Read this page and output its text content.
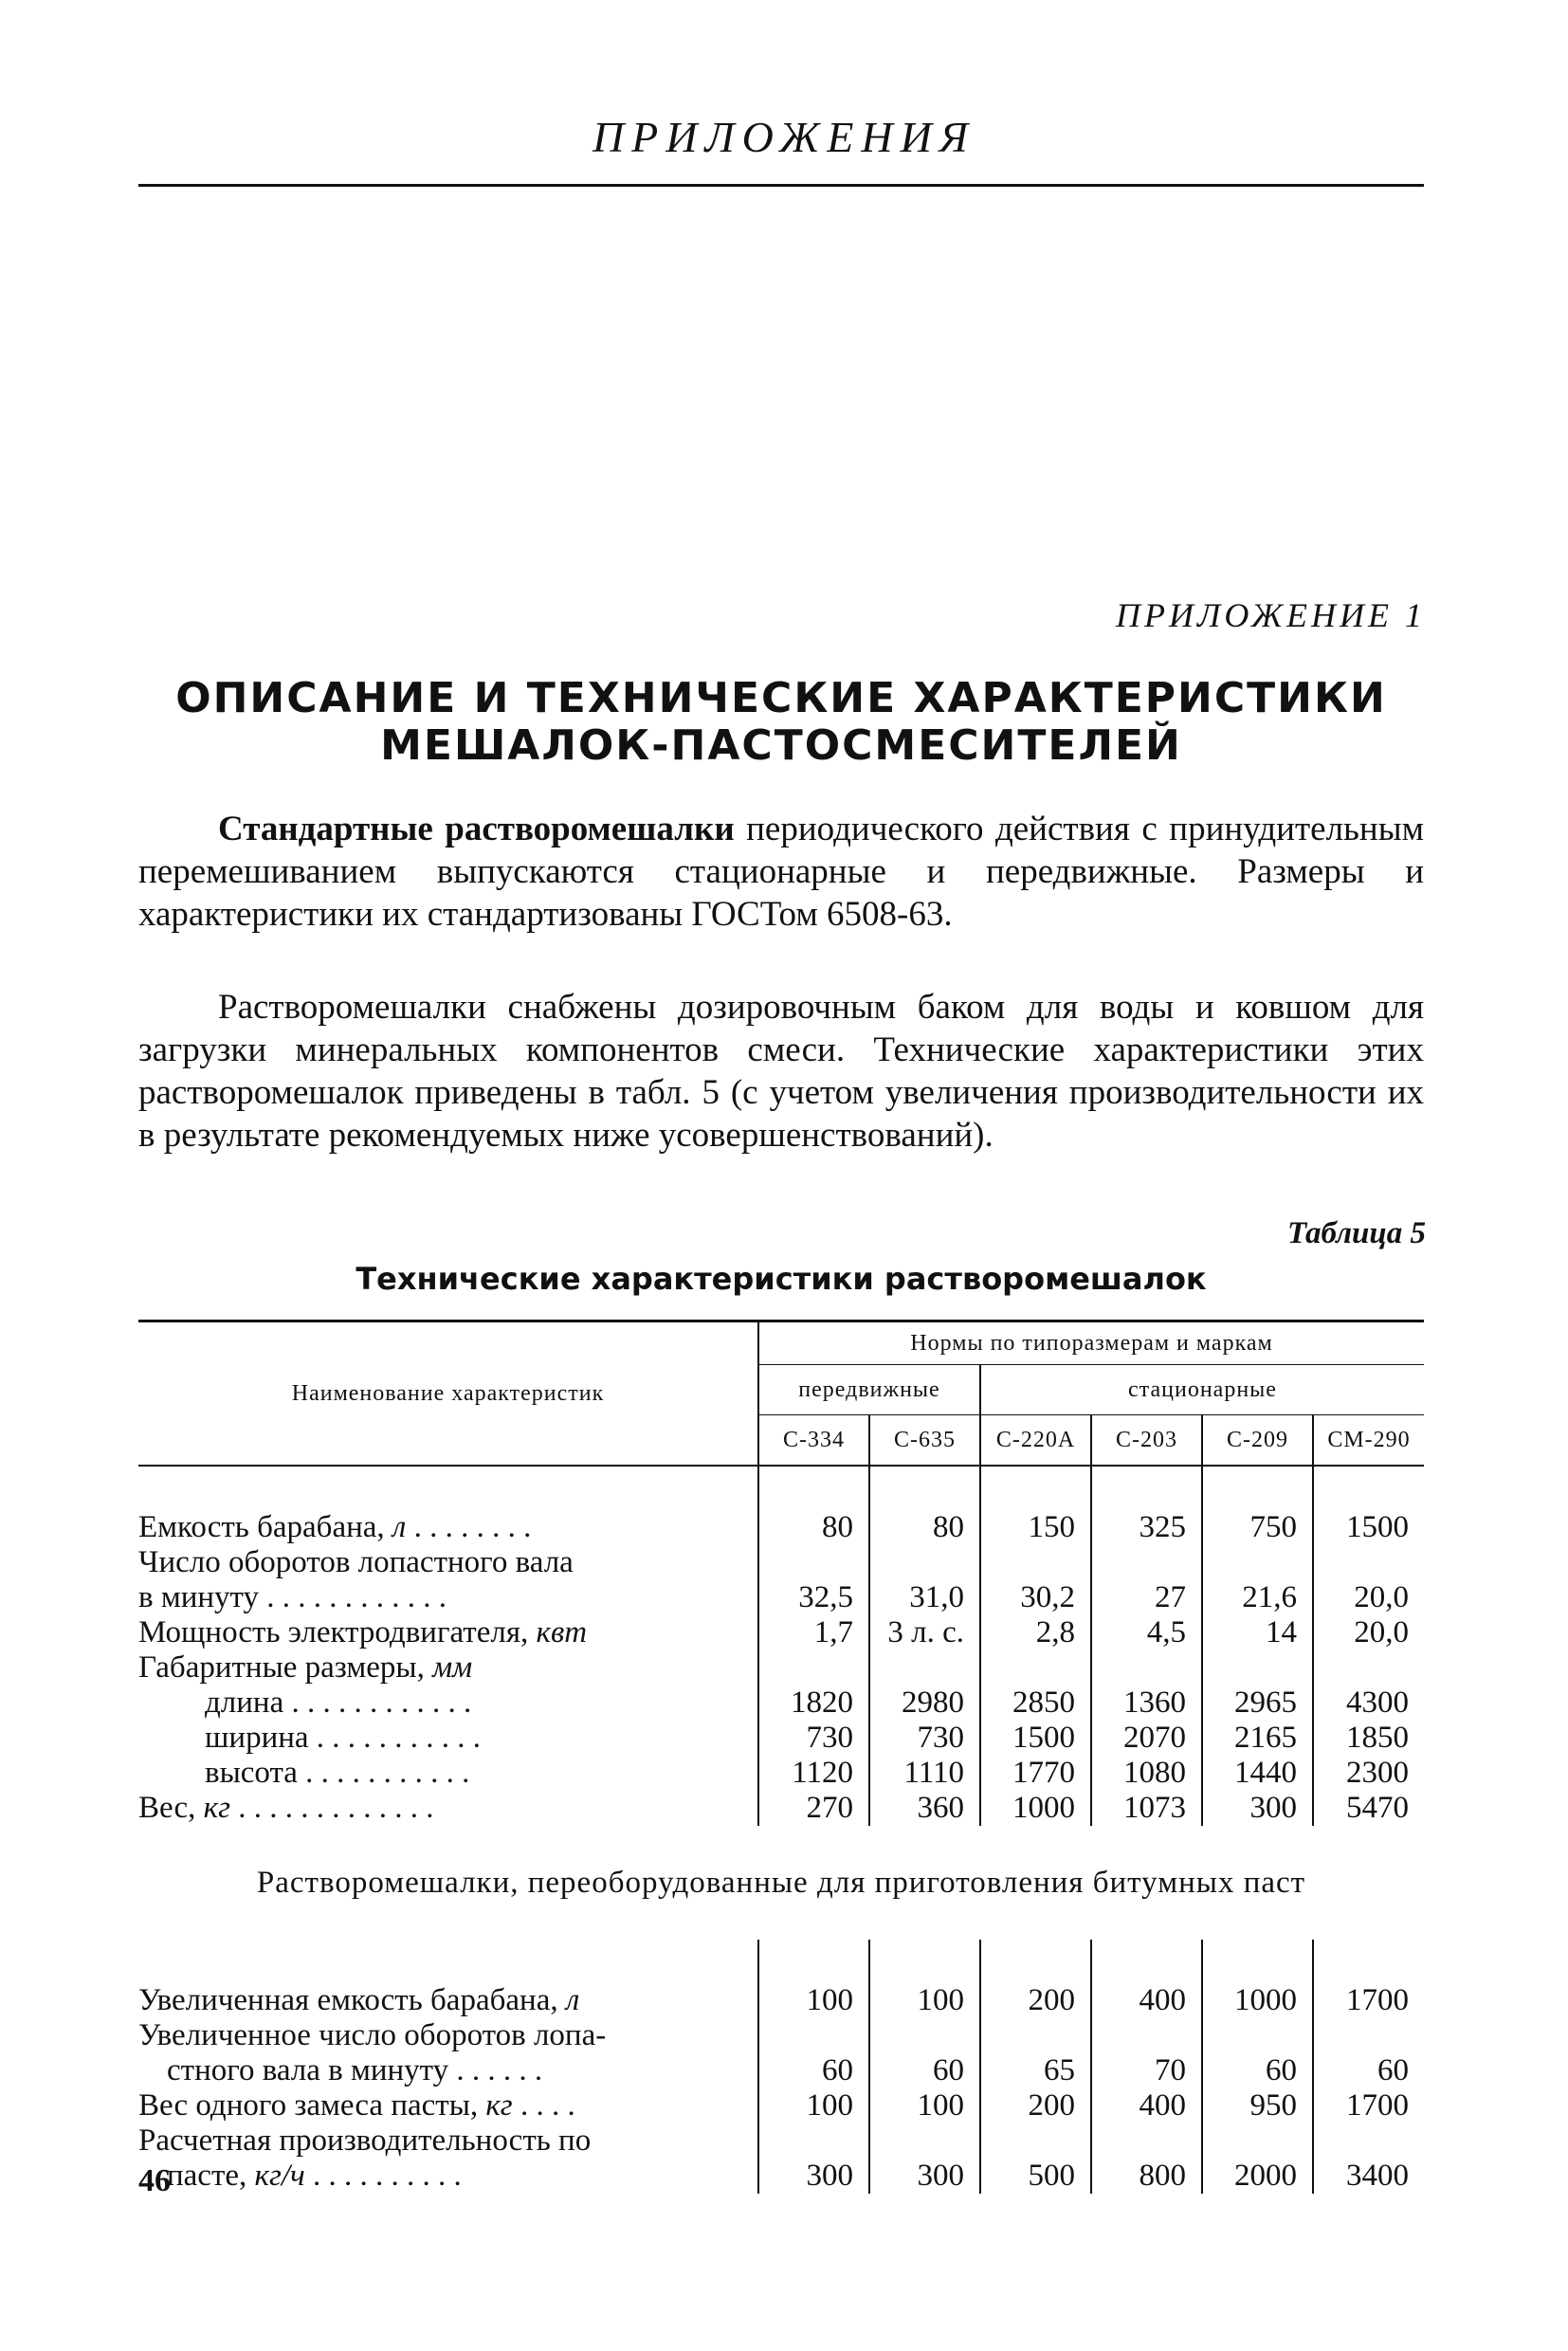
ПРИЛОЖЕНИЯ
ПРИЛОЖЕНИЕ 1
ОПИСАНИЕ И ТЕХНИЧЕСКИЕ ХАРАКТЕРИСТИКИ
МЕШАЛОК-ПАСТОСМЕСИТЕЛЕЙ

Стандартные растворомешалки периодического действия с принудительным перемешиванием выпускаются стационарные и передвижные. Размеры и характеристики их стандартизованы ГОСТом 6508-63.

Растворомешалки снабжены дозировочным баком для воды и ковшом для загрузки минеральных компонентов смеси. Технические характеристики этих растворомешалок приведены в табл. 5 (с учетом увеличения производительности их в результате рекомендуемых ниже усовершенствований).

Таблица 5
Технические характеристики растворомешалок
Наименование характеристик	Нормы по типоразмерам и маркам					
	передвижные		стационарные			
	С-334	С-635	С-220А	С-203	С-209	СМ-290

Емкость барабана, л . . . . . . . .	80	80	150	325	750	1500

Число оборотов лопастного вала
в минуту . . . . . . . . . . . .	32,5	31,0	30,2	27	21,6	20,0
Мощность электродвигателя, квт	1,7	3 л. с.	2,8	4,5	14	20,0
Габаритные размеры, мм						
длина . . . . . . . . . . . .	1820	2980	2850	1360	2965	4300
ширина . . . . . . . . . . .	730	730	1500	2070	2165	1850
высота . . . . . . . . . . .	1120	1110	1770	1080	1440	2300
Вес, кг . . . . . . . . . . . . .	270	360	1000	1073	300	5470
Растворомешалки, переоборудованные для приготовления битумных паст						

Увеличенная емкость барабана, л	100	100	200	400	1000	1700

Увеличенное число оборотов лопа-
стного вала в минуту . . . . . .	60	60	65	70	60	60
Вес одного замеса пасты, кг . . . .	100	100	200	400	950	1700

Расчетная производительность по
пасте, кг/ч . . . . . . . . . .	300	300	500	800	2000	3400
46
